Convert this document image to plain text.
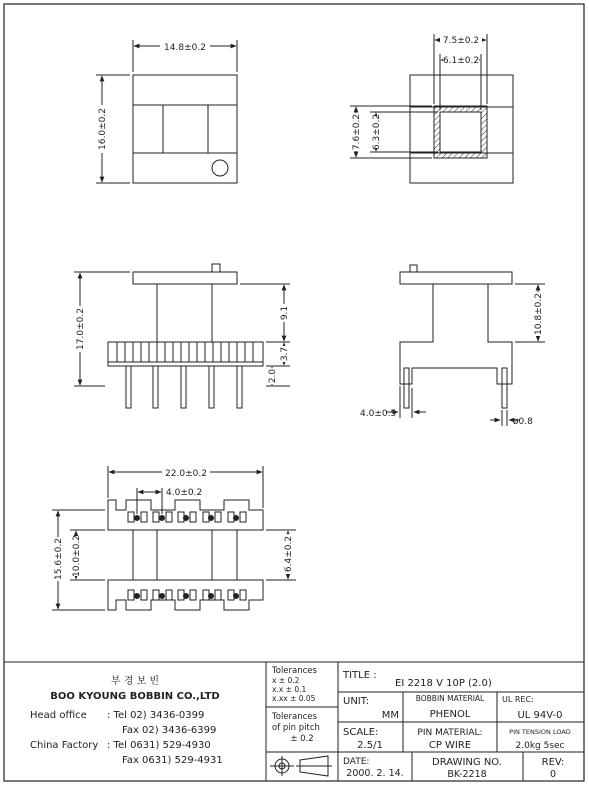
14.8±0.2
16.0±0.2
7.5±0.2
6.1±0.2
7.6±0.2 6.3±0.2
17.0±0.2	9.1
3.7
2.0
10.8±0.2
4.0±0.5
ø0.8
22.0±0.2
4.0±0.2
15.6±0.2 10.0±0.2	6.4±0.2
부 경 보 빈
BOO KYOUNG BOBBIN CO.,LTD
Head office : Tel 02) 3436-0399
Fax 02) 3436-6399
China Factory : Tel 0631) 529-4930
Fax 0631) 529-4931
Tolerances
x ± 0.2
x.x ± 0.1
x.xx ± 0.05
Tolerances
of pin pitch
± 0.2
TITLE :
EI 2218 V 10P (2.0)
UNIT:
MM
BOBBIN MATERIAL
PHENOL
UL REC:
UL 94V-0
SCALE:
2.5/1
PIN MATERIAL:
CP WIRE
PIN TENSION LOAD
2.0kg 5sec
DATE:
2000. 2. 14.
DRAWING NO.
BK-2218
REV:
0
